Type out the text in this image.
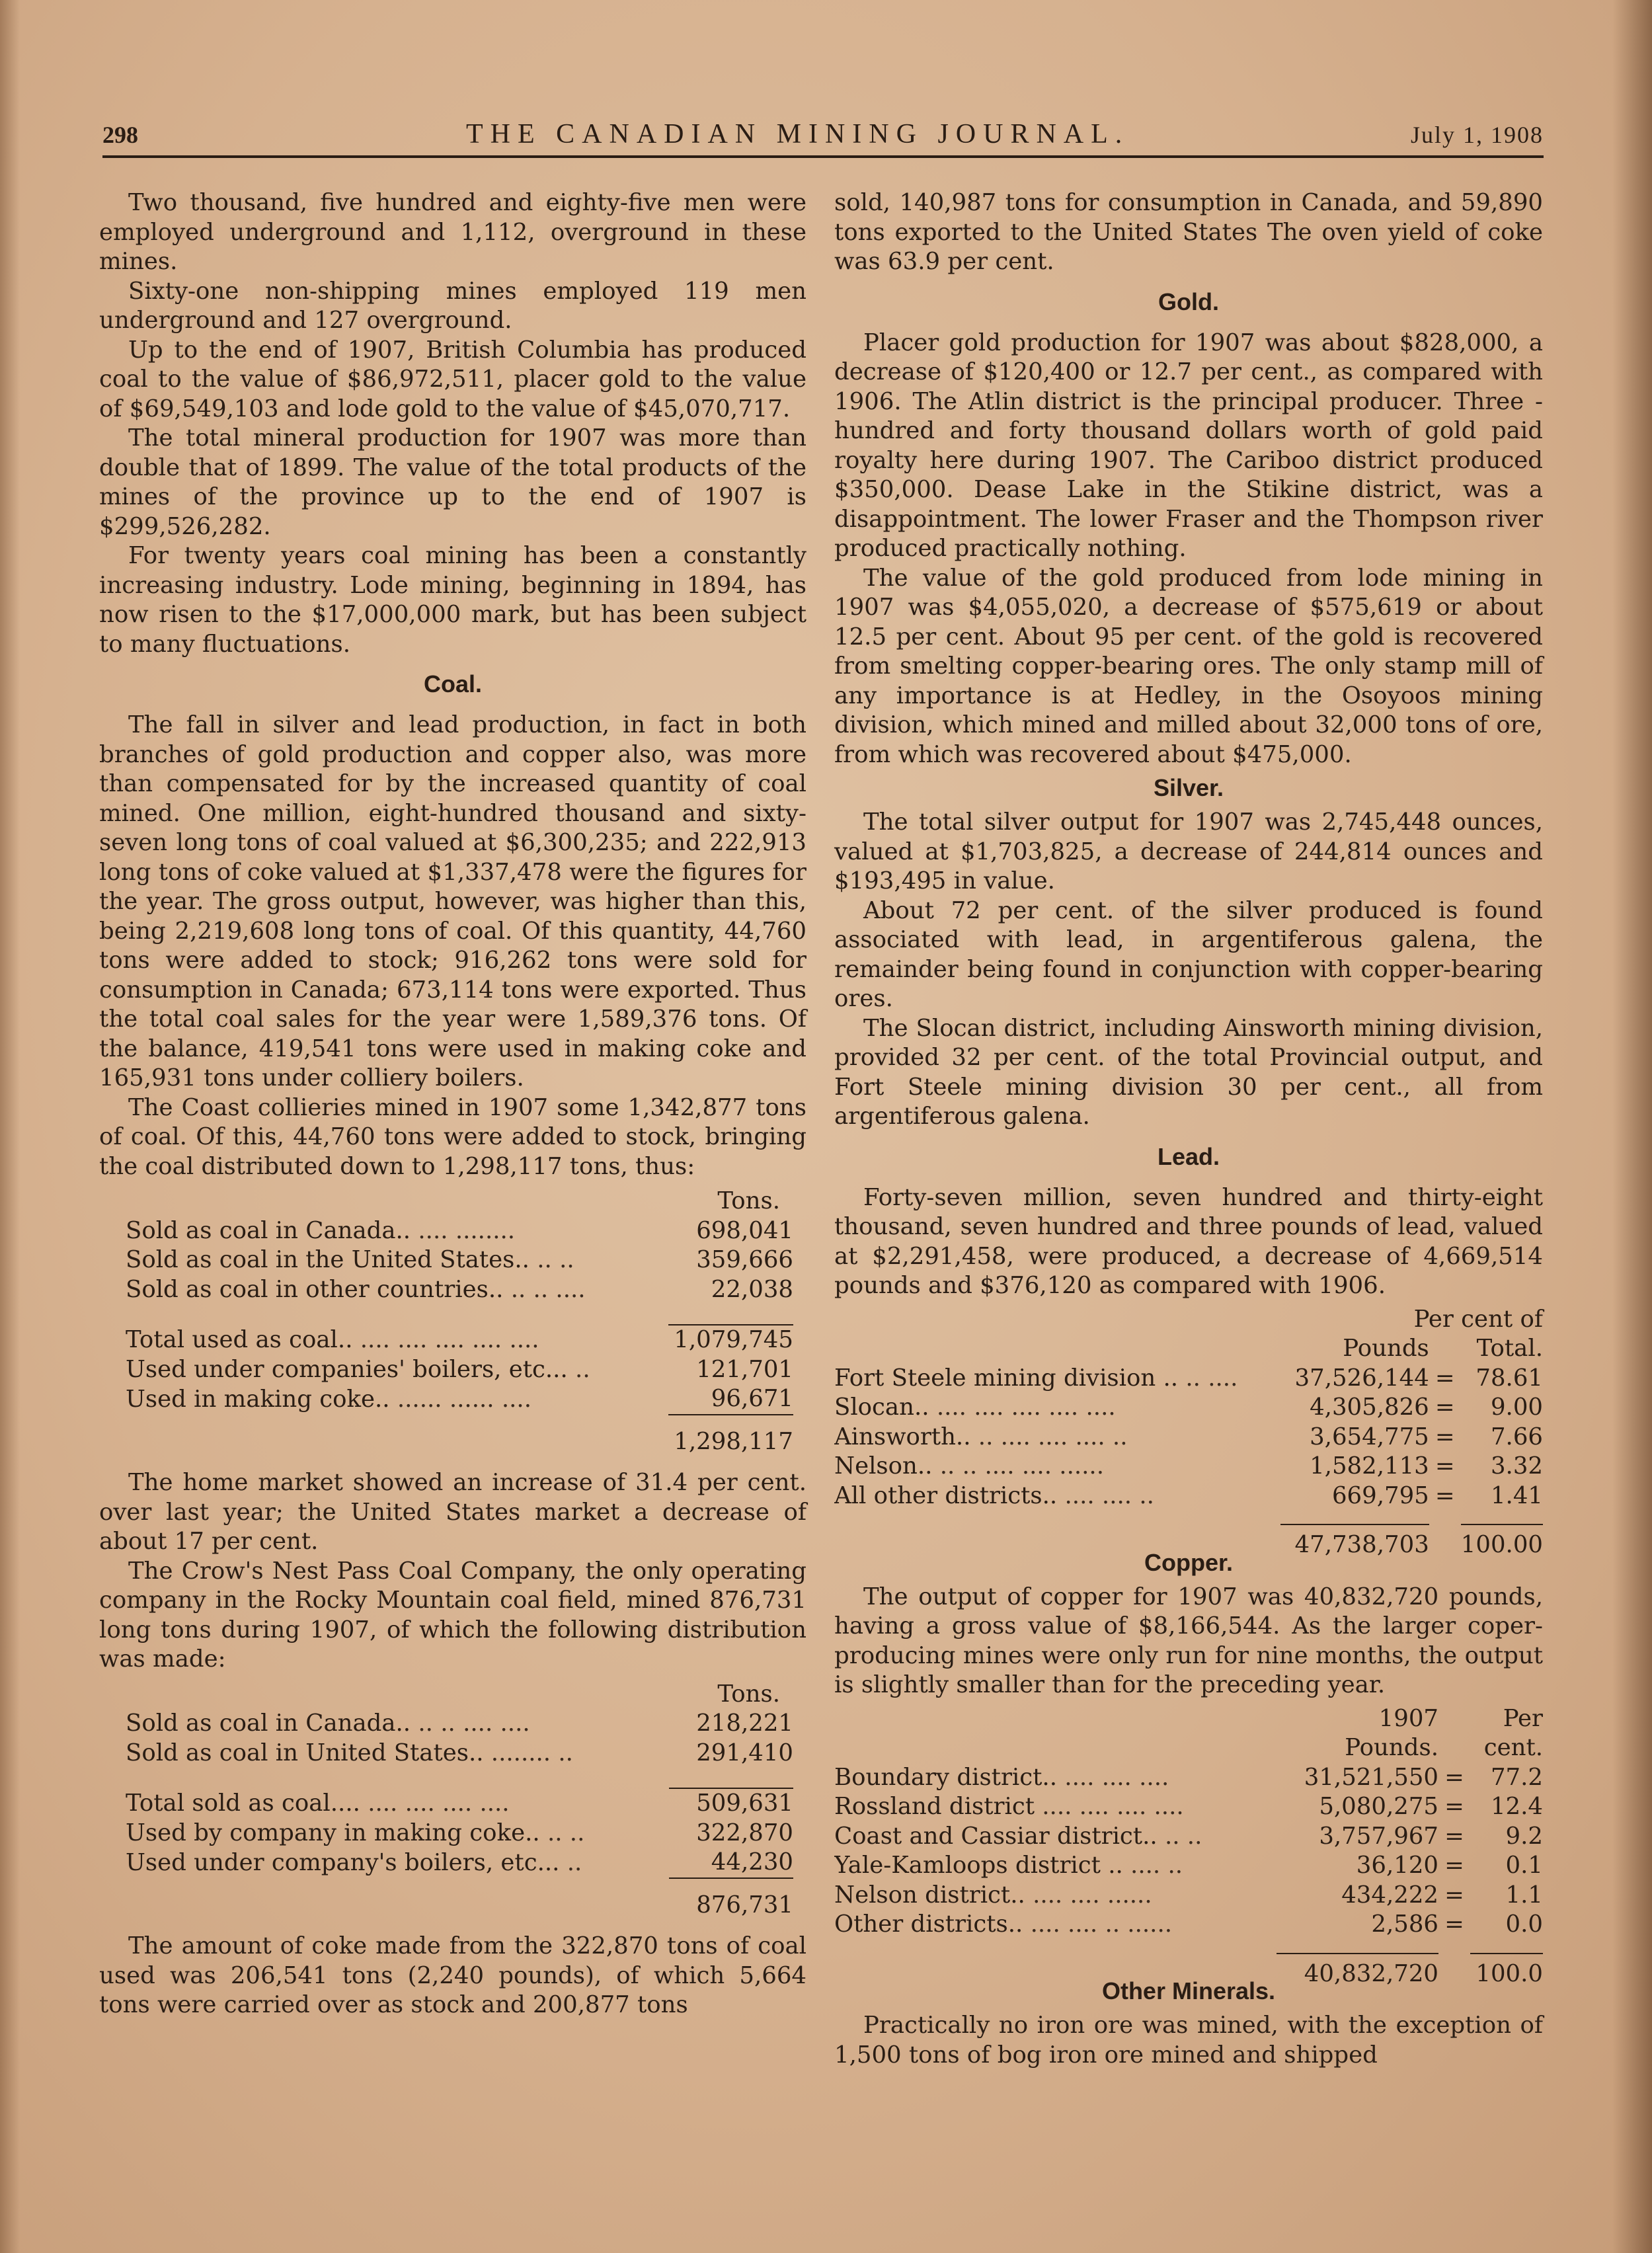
298	THE CANADIAN MINING JOURNAL.	July 1, 1908

Two thousand, five hundred and eighty-five men were employed underground and 1,112, overground in these mines.

Sixty-one non-shipping mines employed 119 men underground and 127 overground.

Up to the end of 1907, British Columbia has produced coal to the value of $86,972,511, placer gold to the value of $69,549,103 and lode gold to the value of $45,070,717.

The total mineral production for 1907 was more than double that of 1899. The value of the total products of the mines of the province up to the end of 1907 is $299,526,282.

For twenty years coal mining has been a constantly increasing industry. Lode mining, beginning in 1894, has now risen to the $17,000,000 mark, but has been subject to many fluctuations.

Coal.

The fall in silver and lead production, in fact in both branches of gold production and copper also, was more than compensated for by the increased quantity of coal mined. One million, eight-hundred thousand and sixty-seven long tons of coal valued at $6,300,235; and 222,913 long tons of coke valued at $1,337,478 were the figures for the year. The gross output, however, was higher than this, being 2,219,608 long tons of coal. Of this quantity, 44,760 tons were added to stock; 916,262 tons were sold for consumption in Canada; 673,114 tons were exported. Thus the total coal sales for the year were 1,589,376 tons. Of the balance, 419,541 tons were used in making coke and 165,931 tons under colliery boilers.

The Coast collieries mined in 1907 some 1,342,877 tons of coal. Of this, 44,760 tons were added to stock, bringing the coal distributed down to 1,298,117 tons, thus:

	Tons.
Sold as coal in Canada.. .... ........	698,041
Sold as coal in the United States.. .. ..	359,666
Sold as coal in other countries.. .. .. ....	22,038

Total used as coal.. .... .... .... .... ....	1,079,745
Used under companies' boilers, etc... ..	121,701
Used in making coke.. ...... ...... ....	96,671
	1,298,117

The home market showed an increase of 31.4 per cent. over last year; the United States market a decrease of about 17 per cent.

The Crow's Nest Pass Coal Company, the only operating company in the Rocky Mountain coal field, mined 876,731 long tons during 1907, of which the following distribution was made:

	Tons.
Sold as coal in Canada.. .. .. .... ....	218,221
Sold as coal in United States.. ........ ..	291,410

Total sold as coal.... .... .... .... ....	509,631
Used by company in making coke.. .. ..	322,870
Used under company's boilers, etc... ..	44,230
	876,731

The amount of coke made from the 322,870 tons of coal used was 206,541 tons (2,240 pounds), of which 5,664 tons were carried over as stock and 200,877 tons

sold, 140,987 tons for consumption in Canada, and 59,890 tons exported to the United States The oven yield of coke was 63.9 per cent.

Gold.

Placer gold production for 1907 was about $828,000, a decrease of $120,400 or 12.7 per cent., as compared with 1906. The Atlin district is the principal producer. Three -hundred and forty thousand dollars worth of gold paid royalty here during 1907. The Cariboo district produced $350,000. Dease Lake in the Stikine district, was a disappointment. The lower Fraser and the Thompson river produced practically nothing.

The value of the gold produced from lode mining in 1907 was $4,055,020, a decrease of $575,619 or about 12.5 per cent. About 95 per cent. of the gold is recovered from smelting copper-bearing ores. The only stamp mill of any importance is at Hedley, in the Osoyoos mining division, which mined and milled about 32,000 tons of ore, from which was recovered about $475,000.

Silver.

The total silver output for 1907 was 2,745,448 ounces, valued at $1,703,825, a decrease of 244,814 ounces and $193,495 in value.

About 72 per cent. of the silver produced is found associated with lead, in argentiferous galena, the remainder being found in conjunction with copper-bearing ores.

The Slocan district, including Ainsworth mining division, provided 32 per cent. of the total Provincial output, and Fort Steele mining division 30 per cent., all from argentiferous galena.

Lead.

Forty-seven million, seven hundred and thirty-eight thousand, seven hundred and three pounds of lead, valued at $2,291,458, were produced, a decrease of 4,669,514 pounds and $376,120 as compared with 1906.

	Per cent of		
	Pounds		Total.
Fort Steele mining division .. .. ....	37,526,144	=	78.61
Slocan.. .... .... .... .... ....	4,305,826	=	9.00
Ainsworth.. .. .... .... .... ..	3,654,775	=	7.66
Nelson.. .. .. .... .... ......	1,582,113	=	3.32
All other districts.. .... .... ..	669,795	=	1.41

	47,738,703		100.00
Copper.

The output of copper for 1907 was 40,832,720 pounds, having a gross value of $8,166,544. As the larger coper-producing mines were only run for nine months, the output is slightly smaller than for the preceding year.

	1907		Per
	Pounds.		cent.
Boundary district.. .... .... ....	31,521,550	=	77.2
Rossland district .... .... .... ....	5,080,275	=	12.4
Coast and Cassiar district.. .. ..	3,757,967	=	9.2
Yale-Kamloops district .. .... ..	36,120	=	0.1
Nelson district.. .... .... ......	434,222	=	1.1
Other districts.. .... .... .. ......	2,586	=	0.0

	40,832,720		100.0
Other Minerals.

Practically no iron ore was mined, with the exception of 1,500 tons of bog iron ore mined and shipped
